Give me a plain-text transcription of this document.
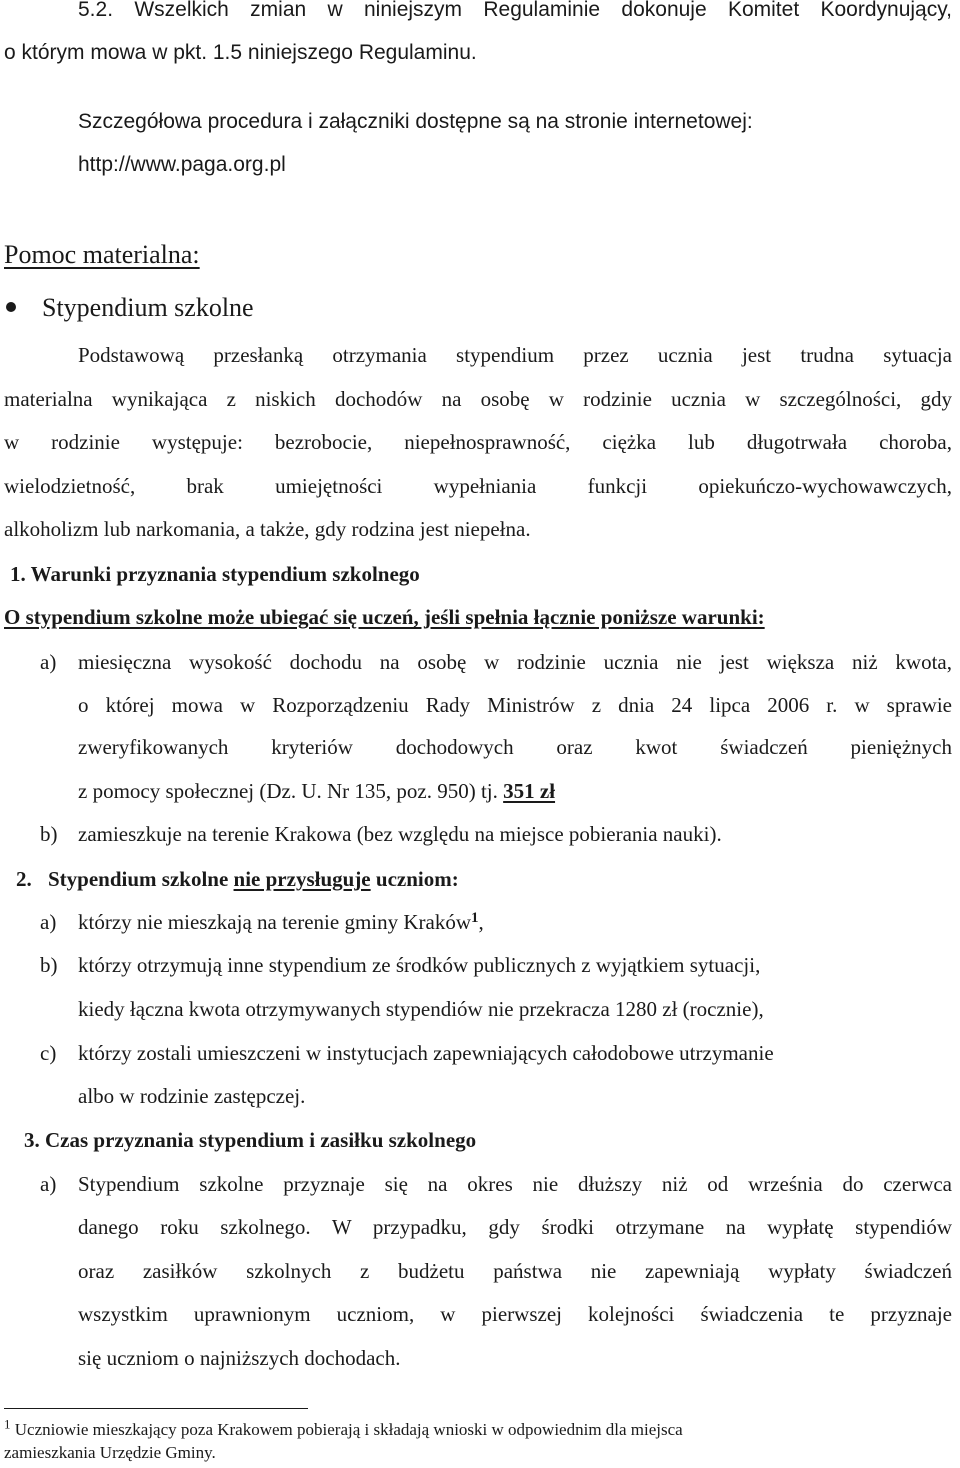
5.2. Wszelkich zmian w niniejszym Regulaminie dokonuje Komitet Koordynujący,

o którym mowa w pkt. 1.5 niniejszego Regulaminu.

Szczegółowa procedura i załączniki dostępne są na stronie internetowej:

http://www.paga.org.pl

Pomoc materialna:
Stypendium szkolne

Podstawową przesłanką otrzymania stypendium przez ucznia jest trudna sytuacja

materialna wynikająca z niskich dochodów na osobę w rodzinie ucznia w szczególności, gdy

w rodzinie występuje: bezrobocie, niepełnosprawność, ciężka lub długotrwała choroba,

wielodzietność, brak umiejętności wypełniania funkcji opiekuńczo-wychowawczych,

alkoholizm lub narkomania, a także, gdy rodzina jest niepełna.

1. Warunki przyznania stypendium szkolnego

O stypendium szkolne może ubiegać się uczeń, jeśli spełnia łącznie poniższe warunki:

a) miesięczna wysokość dochodu na osobę w rodzinie ucznia nie jest większa niż kwota,

o której mowa w Rozporządzeniu Rady Ministrów z dnia 24 lipca 2006 r. w sprawie

zweryfikowanych kryteriów dochodowych oraz kwot świadczeń pieniężnych

z pomocy społecznej (Dz. U. Nr 135, poz. 950) tj. 351 zł

b) zamieszkuje na terenie Krakowa (bez względu na miejsce pobierania nauki).

2. Stypendium szkolne nie przysługuje uczniom:

a) którzy nie mieszkają na terenie gminy Kraków$^1$,

b) którzy otrzymują inne stypendium ze środków publicznych z wyjątkiem sytuacji,

kiedy łączna kwota otrzymywanych stypendiów nie przekracza 1280 zł (rocznie),

c) którzy zostali umieszczeni w instytucjach zapewniających całodobowe utrzymanie

albo w rodzinie zastępczej.

3. Czas przyznania stypendium i zasiłku szkolnego

a) Stypendium szkolne przyznaje się na okres nie dłuższy niż od września do czerwca

danego roku szkolnego. W przypadku, gdy środki otrzymane na wypłatę stypendiów

oraz zasiłków szkolnych z budżetu państwa nie zapewniają wypłaty świadczeń

wszystkim uprawnionym uczniom, w pierwszej kolejności świadczenia te przyznaje

się uczniom o najniższych dochodach.

$^1$ Uczniowie mieszkający poza Krakowem pobierają i składają wnioski w odpowiednim dla miejsca

zamieszkania Urzędzie Gminy.
